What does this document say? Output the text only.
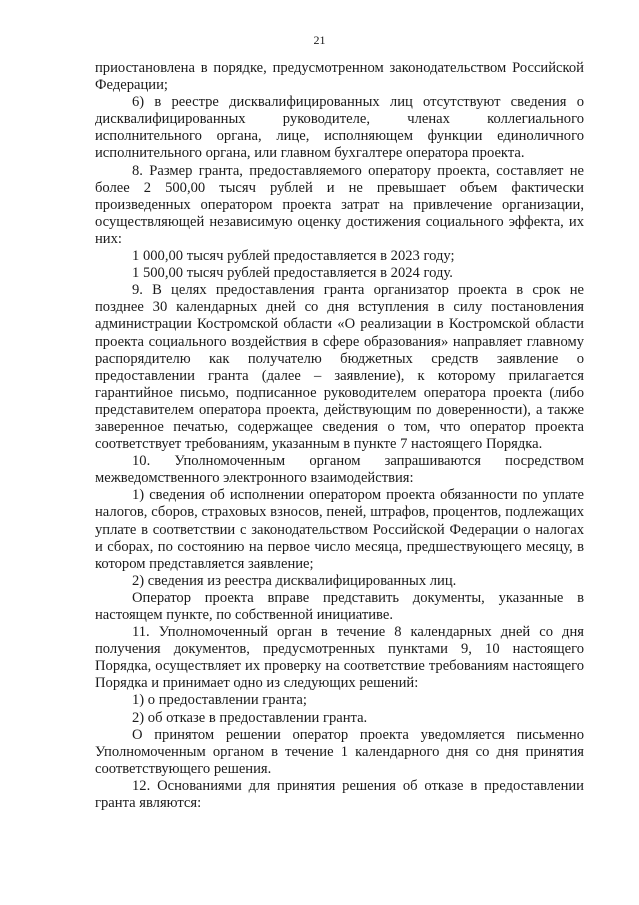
21

приостановлена в порядке, предусмотренном законодательством Российской Федерации;

6) в реестре дисквалифицированных лиц отсутствуют сведения о дисквалифицированных руководителе, членах коллегиального исполнительного органа, лице, исполняющем функции единоличного исполнительного органа, или главном бухгалтере оператора проекта.

8. Размер гранта, предоставляемого оператору проекта, составляет не более 2 500,00 тысяч рублей и не превышает объем фактически произведенных оператором проекта затрат на привлечение организации, осуществляющей независимую оценку достижения социального эффекта, их них:

1 000,00 тысяч рублей предоставляется в 2023 году;

1 500,00 тысяч рублей предоставляется в 2024 году.

9. В целях предоставления гранта организатор проекта в срок не позднее 30 календарных дней со дня вступления в силу постановления администрации Костромской области «О реализации в Костромской области проекта социального воздействия в сфере образования» направляет главному распорядителю как получателю бюджетных средств заявление о предоставлении гранта (далее – заявление), к которому прилагается гарантийное письмо, подписанное руководителем оператора проекта (либо представителем оператора проекта, действующим по доверенности), а также заверенное печатью, содержащее сведения о том, что оператор проекта соответствует требованиям, указанным в пункте 7 настоящего Порядка.

10. Уполномоченным органом запрашиваются посредством межведомственного электронного взаимодействия:

1) сведения об исполнении оператором проекта обязанности по уплате налогов, сборов, страховых взносов, пеней, штрафов, процентов, подлежащих уплате в соответствии с законодательством Российской Федерации о налогах и сборах, по состоянию на первое число месяца, предшествующего месяцу, в котором представляется заявление;

2) сведения из реестра дисквалифицированных лиц.

Оператор проекта вправе представить документы, указанные в настоящем пункте, по собственной инициативе.

11. Уполномоченный орган в течение 8 календарных дней со дня получения документов, предусмотренных пунктами 9, 10 настоящего Порядка, осуществляет их проверку на соответствие требованиям настоящего Порядка и принимает одно из следующих решений:

1) о предоставлении гранта;

2) об отказе в предоставлении гранта.

О принятом решении оператор проекта уведомляется письменно Уполномоченным органом в течение 1 календарного дня со дня принятия соответствующего решения.

12. Основаниями для принятия решения об отказе в предоставлении гранта являются:
